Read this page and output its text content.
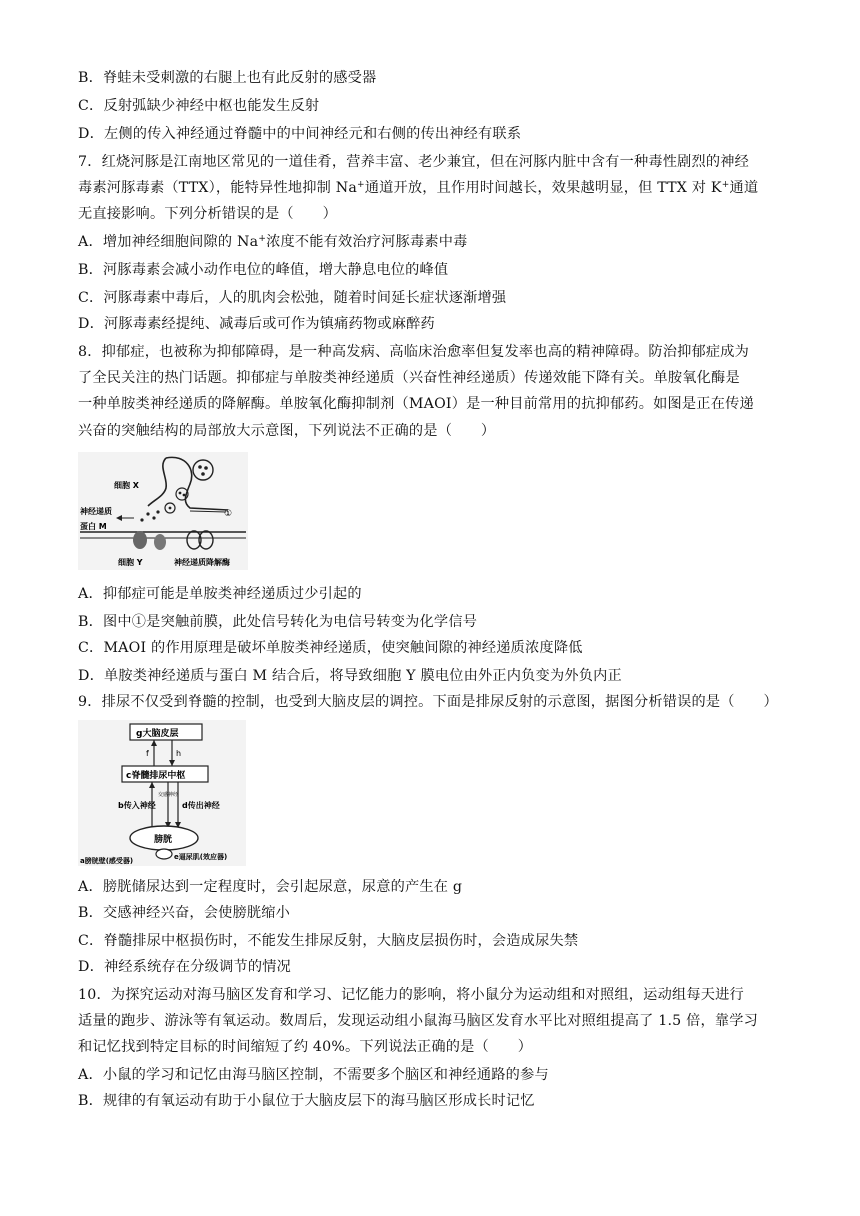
B．脊蛙未受刺激的右腿上也有此反射的感受器
C．反射弧缺少神经中枢也能发生反射
D．左侧的传入神经通过脊髓中的中间神经元和右侧的传出神经有联系
7．红烧河豚是江南地区常见的一道佳肴，营养丰富、老少兼宜，但在河豚内脏中含有一种毒性剧烈的神经
毒素河豚毒素（TTX），能特异性地抑制 Na+通道开放，且作用时间越长，效果越明显，但 TTX 对 K+通道
无直接影响。下列分析错误的是（　　）
A．增加神经细胞间隙的 Na+浓度不能有效治疗河豚毒素中毒
B．河豚毒素会减小动作电位的峰值，增大静息电位的峰值
C．河豚毒素中毒后，人的肌肉会松弛，随着时间延长症状逐渐增强
D．河豚毒素经提纯、减毒后或可作为镇痛药物或麻醉药
8．抑郁症，也被称为抑郁障碍，是一种高发病、高临床治愈率但复发率也高的精神障碍。防治抑郁症成为
了全民关注的热门话题。抑郁症与单胺类神经递质（兴奋性神经递质）传递效能下降有关。单胺氧化酶是
一种单胺类神经递质的降解酶。单胺氧化酶抑制剂（MAOI）是一种目前常用的抗抑郁药。如图是正在传递
兴奋的突触结构的局部放大示意图，下列说法不正确的是（　　）
①
细胞 X
神经递质
蛋白 M
细胞 Y	神经递质降解酶
A．抑郁症可能是单胺类神经递质过少引起的
B．图中①是突触前膜，此处信号转化为电信号转变为化学信号
C．MAOI 的作用原理是破坏单胺类神经递质，使突触间隙的神经递质浓度降低
D．单胺类神经递质与蛋白 M 结合后，将导致细胞 Y 膜电位由外正内负变为外负内正
9．排尿不仅受到脊髓的控制，也受到大脑皮层的调控。下面是排尿反射的示意图，据图分析错误的是（　　）
g大脑皮层
f	h
c脊髓排尿中枢
b传入神经	d传出神经
交感神经
膀胱
a膀胱壁(感受器)	e逼尿肌(效应器)
A．膀胱储尿达到一定程度时，会引起尿意，尿意的产生在 g
B．交感神经兴奋，会使膀胱缩小
C．脊髓排尿中枢损伤时，不能发生排尿反射，大脑皮层损伤时，会造成尿失禁
D．神经系统存在分级调节的情况
10．为探究运动对海马脑区发育和学习、记忆能力的影响，将小鼠分为运动组和对照组，运动组每天进行
适量的跑步、游泳等有氧运动。数周后，发现运动组小鼠海马脑区发育水平比对照组提高了 1.5 倍，靠学习
和记忆找到特定目标的时间缩短了约 40%。下列说法正确的是（　　）
A．小鼠的学习和记忆由海马脑区控制，不需要多个脑区和神经通路的参与
B．规律的有氧运动有助于小鼠位于大脑皮层下的海马脑区形成长时记忆
